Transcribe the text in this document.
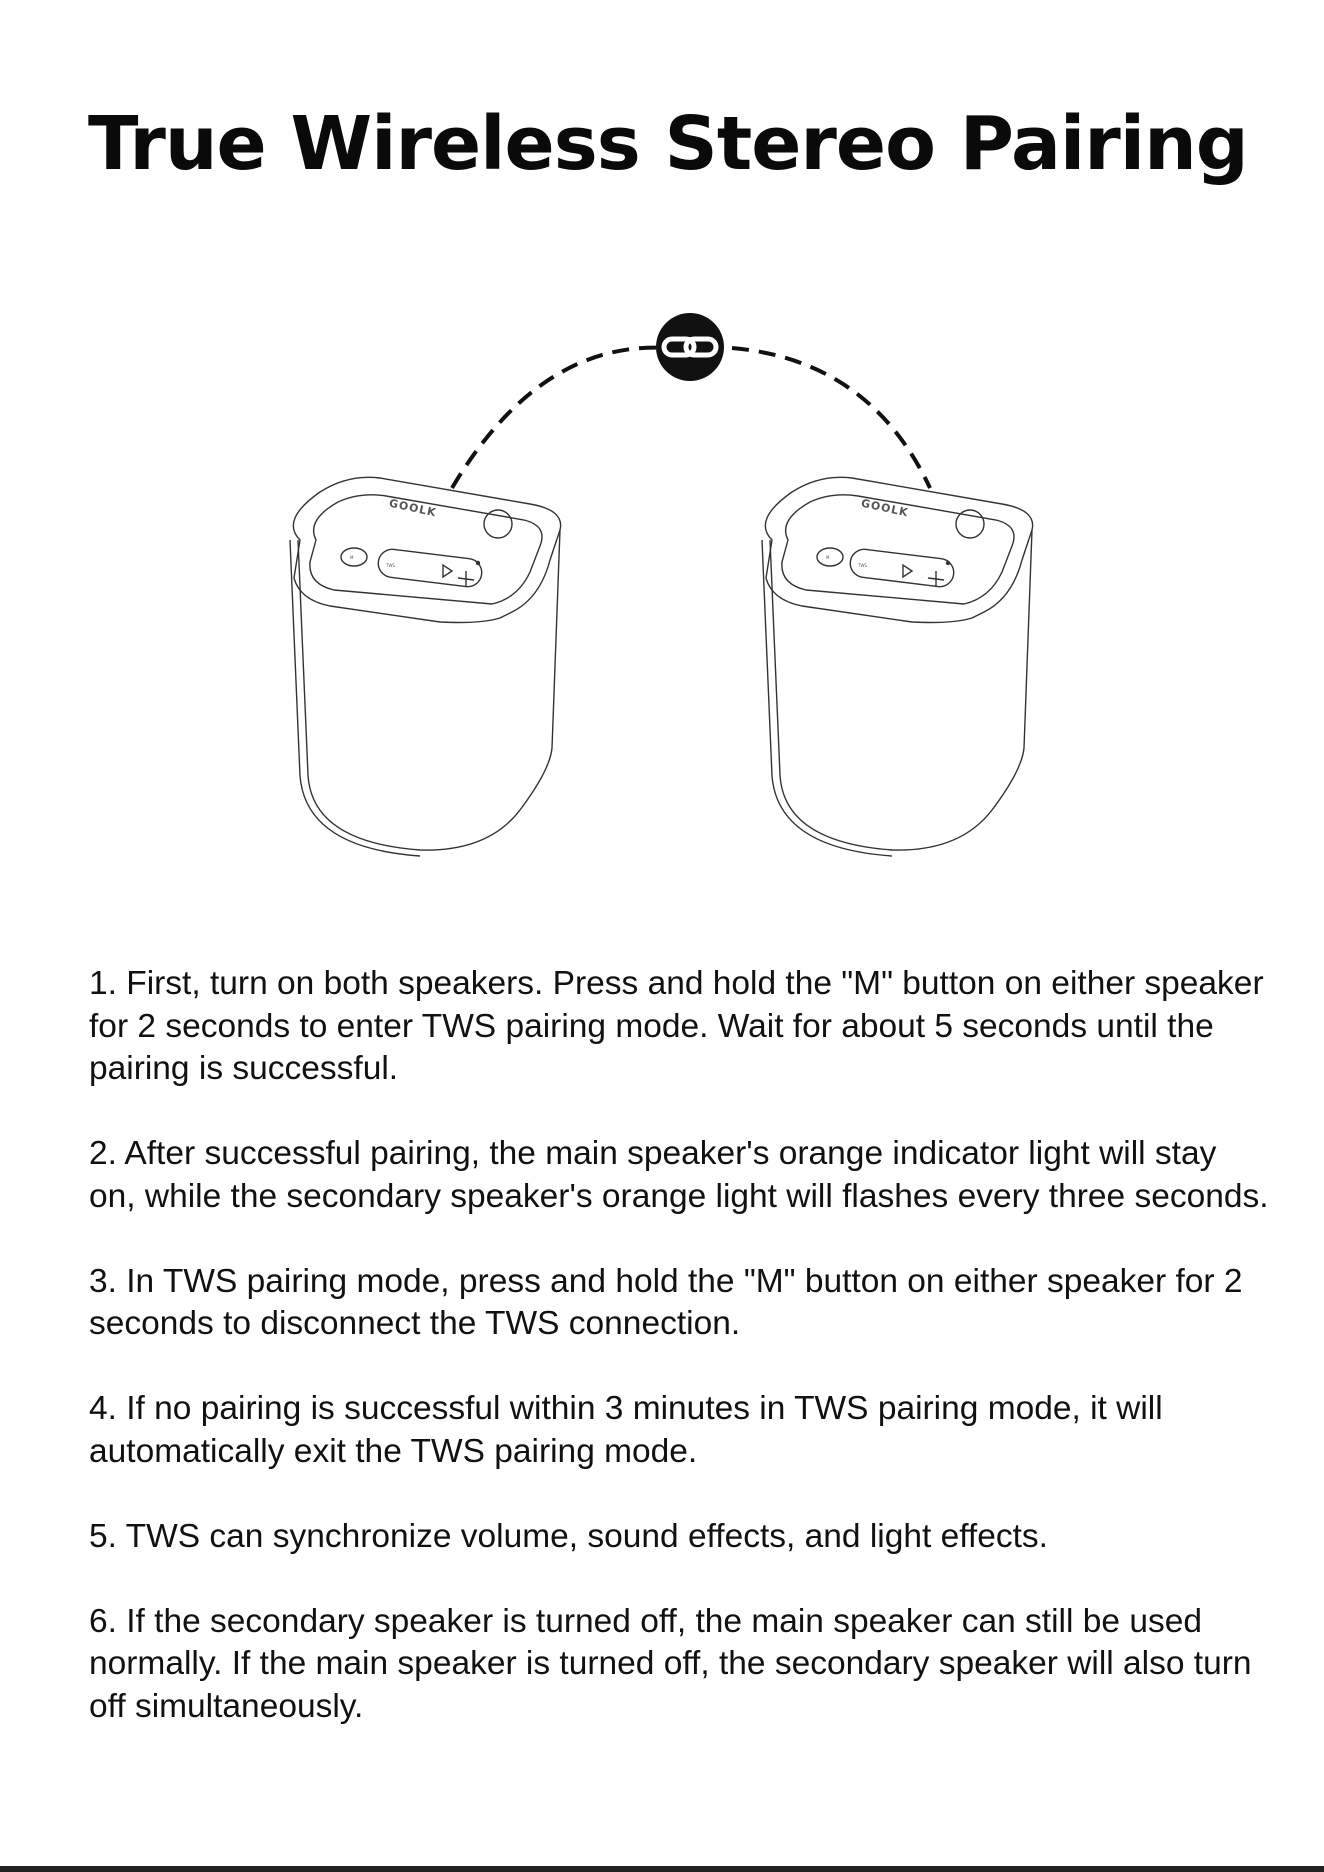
True Wireless Stereo Pairing
GOOLK
M
TWS
GOOLK
M
TWS
1. First, turn on both speakers. Press and hold the "M" button on either speaker for 2 seconds to enter TWS pairing mode. Wait for about 5 seconds until the pairing is successful.
2. After successful pairing, the main speaker's orange indicator light will stay on, while the secondary speaker's orange light will flashes every three seconds.
3. In TWS pairing mode, press and hold the "M" button on either speaker for 2 seconds to disconnect the TWS connection.
4. If no pairing is successful within 3 minutes in TWS pairing mode, it will automatically exit the TWS pairing mode.
5. TWS can synchronize volume, sound effects, and light effects.
6. If the secondary speaker is turned off, the main speaker can still be used normally. If the main speaker is turned off, the secondary speaker will also turn off simultaneously.
